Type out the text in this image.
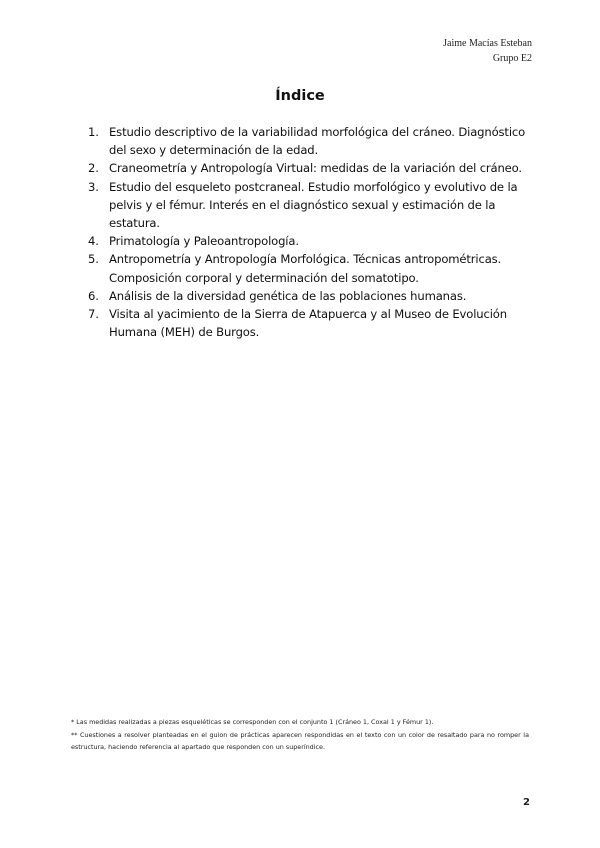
Jaime Macías Esteban
Grupo E2
Índice
1. Estudio descriptivo de la variabilidad morfológica del cráneo. Diagnóstico del sexo y determinación de la edad.
2. Craneometría y Antropología Virtual: medidas de la variación del cráneo.
3. Estudio del esqueleto postcraneal. Estudio morfológico y evolutivo de la pelvis y el fémur. Interés en el diagnóstico sexual y estimación de la estatura.
4. Primatología y Paleoantropología.
5. Antropometría y Antropología Morfológica. Técnicas antropométricas. Composición corporal y determinación del somatotipo.
6. Análisis de la diversidad genética de las poblaciones humanas.
7. Visita al yacimiento de la Sierra de Atapuerca y al Museo de Evolución Humana (MEH) de Burgos.

* Las medidas realizadas a piezas esqueléticas se corresponden con el conjunto 1 (Cráneo 1, Coxal 1 y Fémur 1).

** Cuestiones a resolver planteadas en el guion de prácticas aparecen respondidas en el texto con un color de resaltado para no romper la estructura, haciendo referencia al apartado que responden con un superíndice.

2
